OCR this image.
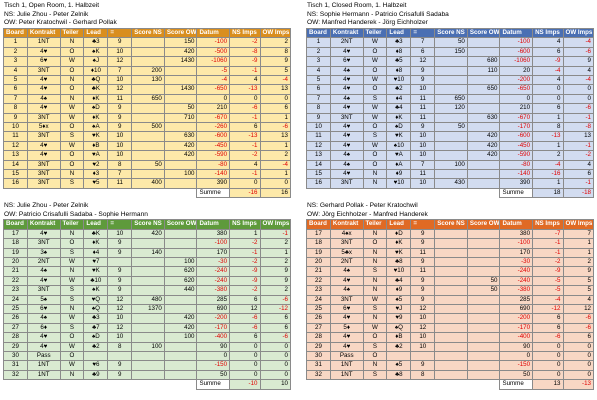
Tisch 1, Open Room, 1. Halbzeit
NS: Julie Zhou - Peter Zelnik
OW: Peter Kratochwil - Gerhard Pollak
Board	Kontrakt	Teiler	Lead	=	Score NS	Score OW	Datum	NS Imps	OW Imps
1	1NT	N	♣3	9		150	-100	-2	2
2	4♥	O	♠K	10		420	-500	-8	8
3	6♥	W	♠J	12		1430	-1060	-9	9
4	3NT	O	♦10	7	200		-5	-1	5
5	4♥	N	♣Q	10	130		-4	4	-4
6	4♥	O	♣K	12		1430	-650	-13	13
7	4♠	N	♦K	11	650		0	0	0
8	4♥	W	♠D	9		50	210	-6	6
9	3NT	W	♦K	9		710	-670	-1	1
10	5♦x	O	♠A	9	500		-260	6	-6
11	3NT	S	♥K	10		630	-600	-13	13
12	4♥	W	♦B	10		420	-450	-1	1
13	4♥	O	♥A	10		420	-590	-2	2
14	3NT	O	♥2	8	50		-80	4	-4
15	3NT	N	♦3	7		100	-140	-1	1
16	3NT	S	♥5	11	400		390	0	0
							Summe	-16	16
Tisch 1, Closed Room, 1. Halbzeit
NS: Sophie Hermann - Patricio Crisafulli Sadaba
OW: Manfred Handerek - Jörg Eichholzer
Board	Kontrakt	Teiler	Lead	=	Score NS	Score OW	Datum	NS Imps	OW Imps
1	2NT	W	♣3	7	50		-100	4	-4
2	4♥	O	♦8	6	150		-600	6	-6
3	6♥	W	♣5	12		680	-1060	-9	9
4	4♠	O	♦8	9		110	20	-4	4
5	4♥	W	♥10	9			-200	4	-4
6	4♥	O	♣2	10		650	-650	0	0
7	4♠	S	♦4	11	650		0	0	0
8	4♥	W	♣4	11	120		210	6	-6
9	3NT	W	♦K	11		630	-670	1	-1
10	4♥	O	♠D	9	50		-170	8	-8
11	4♥	S	♥K	10		420	-600	-13	13
12	4♥	W	♠10	10		420	-450	1	-1
13	4♠	O	♥A	10		420	-590	2	-2
14	4♠	O	♦A	7	100		-80	-4	4
15	4♥	N	♦9	11			-140	-16	6
16	3NT	N	♥10	10	430		390	1	-1
							Summe	18	-18
NS: Julie Zhou - Peter Zelnik
OW: Patricio Crisafulli Sadaba - Sophie Hermann
Board	Kontrakt	Teiler	Lead	=	Score NS	Score OW	Datum	NS Imps	OW Imps
17	4♥	N	♣K	10	420		380	1	-1
18	3NT	O	♦K	9			-100	-2	2
19	3♠	S	♦4	9	140		170	-1	1
20	2NT	W	♥7			100	-30	-2	2
21	4♠	N	♥K	9		620	-240	-9	9
22	4♥	W	♣10	9		620	-240	-9	9
23	3NT	S	♠K	9		440	-380	-2	2
24	5♠	S	♥Q	12	480		285	6	-6
25	6♥	N	♠Q	12	1370		690	12	-12
26	4♠	W	♣3	10		420	-200	-6	6
27	6♦	S	♣7	12		420	-170	-6	6
28	4♥	O	♠D	10		100	-400	6	-6
29	4♥	W	♣2	8	100		90	0	0
30	Pass	O					0	0	0
31	1NT	W	♥6	9			-150	0	0
32	1NT	N	♣9	9			50	0	0
							Summe	-10	10
NS: Gerhard Pollak - Peter Kratochwil
OW: Jörg Eichholzer - Manfred Handerek
Board	Kontrakt	Teiler	Lead	=	Score NS	Score OW	Datum	NS Imps	OW Imps
17	4♠x	N	♦D	9			380	-7	7
18	3NT	O	♦K	9			-100	-1	1
19	5♣x	N	♥K	11			170	-1	1
20	2NT	N	♣8	9			-30	-2	2
21	4♠	S	♥10	11			-240	-9	9
22	4♥	N	♣4	9		50	-240	-5	5
23	4♠	N	♦9	9		50	-380	-5	5
24	3NT	W	♠5	9			285	-4	4
25	6♥	S	♥J	12			690	-12	12
26	4♥	N	♥9	10			-200	6	-6
27	5♦	W	♠Q	12			-170	6	-6
28	4♥	O	♦B	10			-400	-6	6
29	4♥	S	♣2	10			90	0	0
30	Pass	O					0	0	0
31	1NT	N	♠5	9			-150	0	0
32	1NT	S	♣8	8			50	0	0
							Summe	13	-13
